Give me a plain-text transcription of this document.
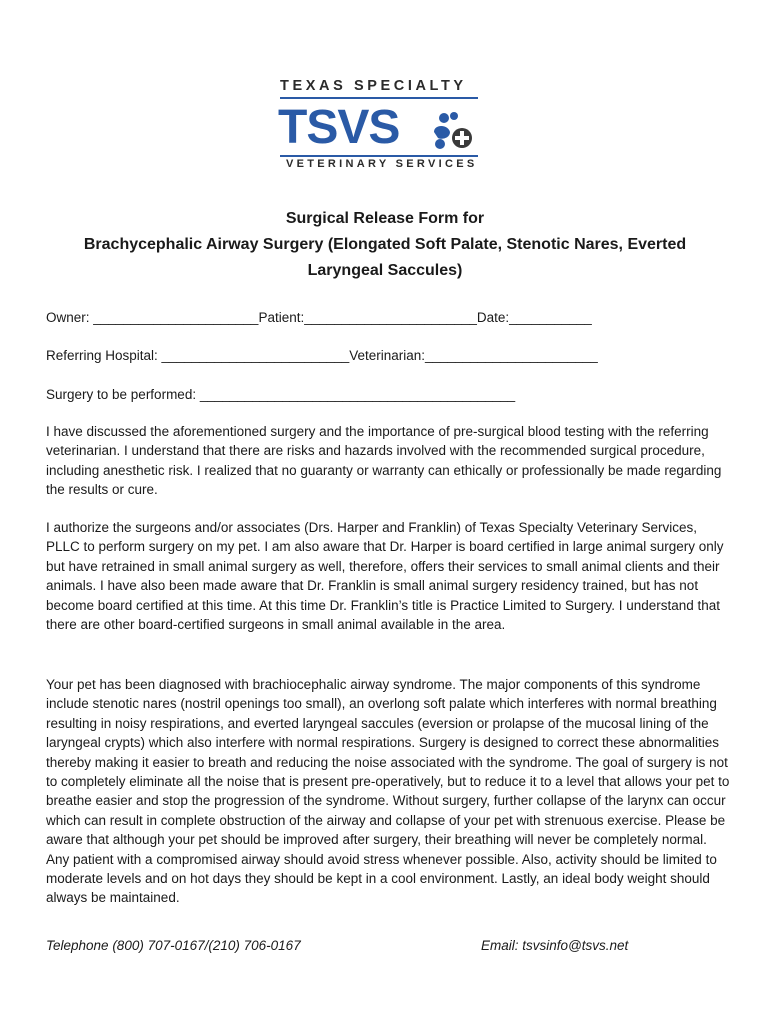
TEXAS SPECIALTY
TSVS
VETERINARY SERVICES
Surgical Release Form for
Brachycephalic Airway Surgery (Elongated Soft Palate, Stenotic Nares, Everted
Laryngeal Saccules)
Owner: ______________________Patient:_______________________Date:___________
Referring Hospital: _________________________Veterinarian:_______________________
Surgery to be performed: __________________________________________
I have discussed the aforementioned surgery and the importance of pre-surgical blood testing with the referring veterinarian. I understand that there are risks and hazards involved with the recommended surgical procedure, including anesthetic risk. I realized that no guaranty or warranty can ethically or professionally be made regarding the results or cure.
I authorize the surgeons and/or associates (Drs. Harper and Franklin) of Texas Specialty Veterinary Services, PLLC to perform surgery on my pet. I am also aware that Dr. Harper is board certified in large animal surgery only but have retrained in small animal surgery as well, therefore, offers their services to small animal clients and their animals. I have also been made aware that Dr. Franklin is small animal surgery residency trained, but has not become board certified at this time. At this time Dr. Franklin’s title is Practice Limited to Surgery. I understand that there are other board-certified surgeons in small animal available in the area.
Your pet has been diagnosed with brachiocephalic airway syndrome. The major components of this syndrome include stenotic nares (nostril openings too small), an overlong soft palate which interferes with normal breathing resulting in noisy respirations, and everted laryngeal saccules (eversion or prolapse of the mucosal lining of the laryngeal crypts) which also interfere with normal respirations. Surgery is designed to correct these abnormalities thereby making it easier to breath and reducing the noise associated with the syndrome. The goal of surgery is not to completely eliminate all the noise that is present pre-operatively, but to reduce it to a level that allows your pet to breathe easier and stop the progression of the syndrome. Without surgery, further collapse of the larynx can occur which can result in complete obstruction of the airway and collapse of your pet with strenuous exercise. Please be aware that although your pet should be improved after surgery, their breathing will never be completely normal. Any patient with a compromised airway should avoid stress whenever possible. Also, activity should be limited to moderate levels and on hot days they should be kept in a cool environment. Lastly, an ideal body weight should always be maintained.
Telephone (800) 707-0167/(210) 706-0167	Email: tsvsinfo@tsvs.net
